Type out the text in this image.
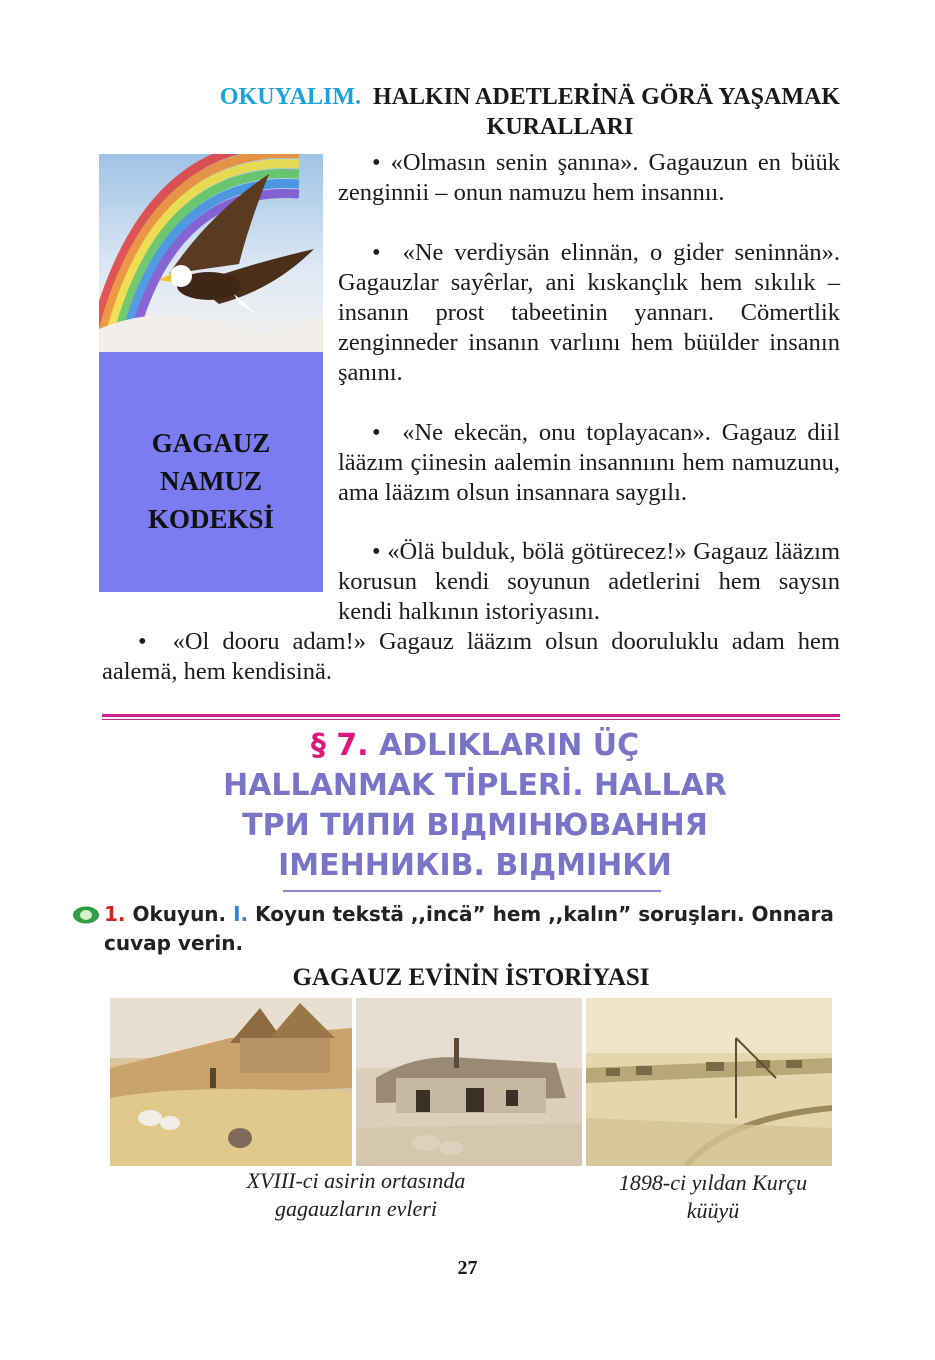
OKUYALIM. HALKIN ADETLERİNÄ GÖRÄ YAŞAMAK
KURALLARI
GAGAUZ
NAMUZ
KODEKSİ
• «Olmasın senin şanına». Gagauzun en büük zenginnii – onun namuzu hem insannıı.
• «Ne verdiysän elinnän, o gider seninnän». Gagauzlar sayêrlar, ani kıskançlık hem sıkılık – insanın prost tabeetinin yannarı. Cömertlik zenginneder insanın varlıını hem büülder insanın şanını.
• «Ne ekecän, onu toplayacan». Gagauz diil lääzım çiinesin aalemin insannıını hem namuzunu, ama lääzım olsun insannara saygılı.
• «Ölä bulduk, bölä götürecez!» Gagauz lääzım korusun kendi soyunun adetlerini hem saysın kendi halkının istoriyasını.
• «Ol dooru adam!» Gagauz lääzım olsun dooruluklu adam hem aalemä, hem kendisinä.
§ 7. ADLIKLARIN ÜÇ
HALLANMAK TİPLERİ. HALLAR
ТРИ ТИПИ ВІДМІНЮВАННЯ
ІМЕННИКІВ. ВІДМІНКИ
1. Okuyun. I. Koyun tekstä ,,incä” hem ,,kalın” soruşları. Onnara cuvap verin.
GAGAUZ EVİNİN İSTORİYASI
XVIII-ci asirin ortasında
gagauzların evleri
1898-ci yıldan Kurçu
küüyü
27
